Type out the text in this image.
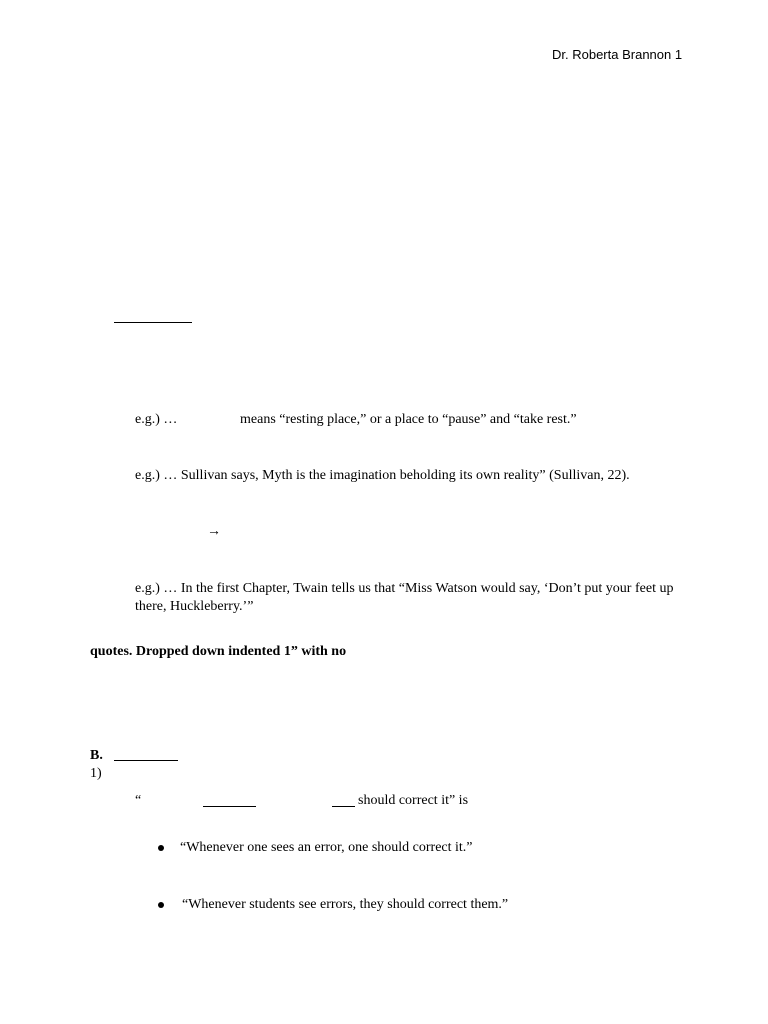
Dr. Roberta Brannon 1
e.g.) …	means “resting place,” or a place to “pause” and “take rest.”
e.g.) … Sullivan says, Myth is the imagination beholding its own reality” (Sullivan, 22).
→
e.g.) … In the first Chapter, Twain tells us that “Miss Watson would say, ‘Don’t put your feet up
there, Huckleberry.’”
quotes. Dropped down indented 1” with no
B.
1)
“	should correct it” is
“Whenever one sees an error, one should correct it.”
“Whenever students see errors, they should correct them.”
